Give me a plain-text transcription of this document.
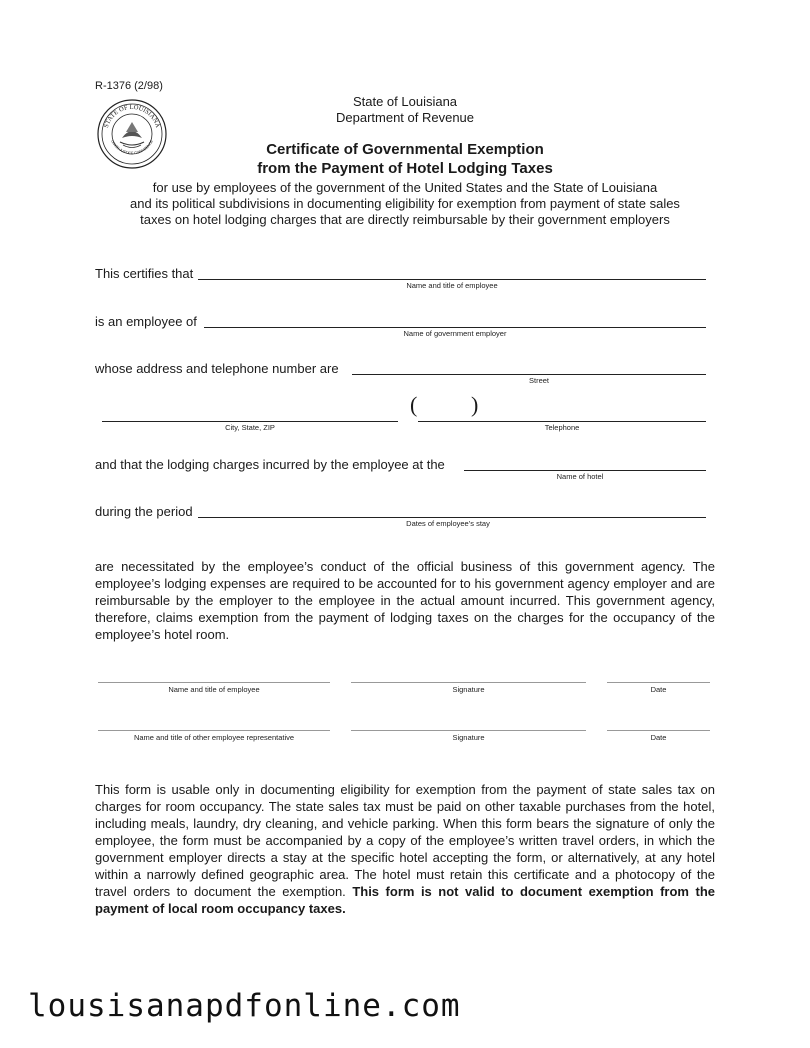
R-1376 (2/98)
STATE OF LOUISIANA
UNION JUSTICE CONFIDENCE
State of Louisiana
Department of Revenue
Certificate of Governmental Exemption
from the Payment of Hotel Lodging Taxes
for use by employees of the government of the United States and the State of Louisiana
and its political subdivisions in documenting eligibility for exemption from payment of state sales
taxes on hotel lodging charges that are directly reimbursable by their government employers
This certifies that
Name and title of employee
is an employee of
Name of government employer
whose address and telephone number are
Street
City, State, ZIP
( )
Telephone
and that the lodging charges incurred by the employee at the
Name of hotel
during the period
Dates of employee’s stay
are necessitated by the employee’s conduct of the official business of this government agency. The employee’s lodging expenses are required to be accounted for to his government agency employer and are reimbursable by the employer to the employee in the actual amount incurred. This government agency, therefore, claims exemption from the payment of lodging taxes on the charges for the occupancy of the employee’s hotel room.
Name and title of employee	Signature	Date
Name and title of other employee representative	Signature	Date
This form is usable only in documenting eligibility for exemption from the payment of state sales tax on charges for room occupancy. The state sales tax must be paid on other taxable purchases from the hotel, including meals, laundry, dry cleaning, and vehicle parking. When this form bears the signature of only the employee, the form must be accompanied by a copy of the employee’s written travel orders, in which the government employer directs a stay at the specific hotel accepting the form, or alternatively, at any hotel within a narrowly defined geographic area. The hotel must retain this certificate and a photocopy of the travel orders to document the exemption. This form is not valid to document exemption from the payment of local room occupancy taxes.
lousisanapdfonline.com
